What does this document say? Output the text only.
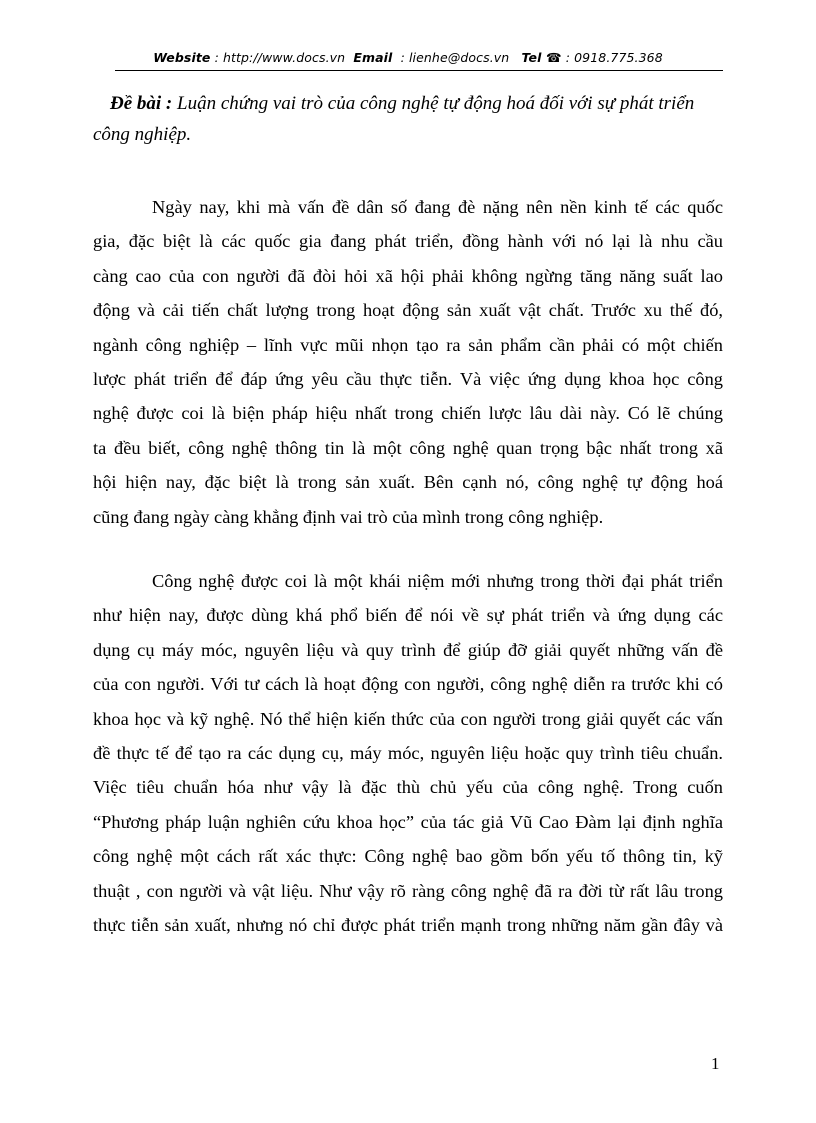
Website : http://www.docs.vn Email : lienhe@docs.vn Tel ☎ : 0918.775.368
Đề bài : Luận chứng vai trò của công nghệ tự động hoá đối với sự phát triển công nghiệp.
Ngày nay, khi mà vấn đề dân số đang đè nặng nên nền kinh tế các quốc
gia, đặc biệt là các quốc gia đang phát triển, đồng hành với nó lại là nhu cầu
càng cao của con người đã đòi hỏi xã hội phải không ngừng tăng năng suất lao
động và cải tiến chất lượng trong hoạt động sản xuất vật chất. Trước xu thế đó,
ngành công nghiệp – lĩnh vực mũi nhọn tạo ra sản phẩm cần phải có một chiến
lược phát triển để đáp ứng yêu cầu thực tiễn. Và việc ứng dụng khoa học công
nghệ được coi là biện pháp hiệu nhất trong chiến lược lâu dài này. Có lẽ chúng
ta đều biết, công nghệ thông tin là một công nghệ quan trọng bậc nhất trong xã
hội hiện nay, đặc biệt là trong sản xuất. Bên cạnh nó, công nghệ tự động hoá
cũng đang ngày càng khẳng định vai trò của mình trong công nghiệp.
Công nghệ được coi là một khái niệm mới nhưng trong thời đại phát triển
như hiện nay, được dùng khá phổ biến để nói về sự phát triển và ứng dụng các
dụng cụ máy móc, nguyên liệu và quy trình để giúp đỡ giải quyết những vấn đề
của con người. Với tư cách là hoạt động con người, công nghệ diễn ra trước khi có
khoa học và kỹ nghệ. Nó thể hiện kiến thức của con người trong giải quyết các vấn
đề thực tế để tạo ra các dụng cụ, máy móc, nguyên liệu hoặc quy trình tiêu chuẩn.
Việc tiêu chuẩn hóa như vậy là đặc thù chủ yếu của công nghệ. Trong cuốn
“Phương pháp luận nghiên cứu khoa học” của tác giả Vũ Cao Đàm lại định nghĩa
công nghệ một cách rất xác thực: Công nghệ bao gồm bốn yếu tố thông tin, kỹ
thuật , con người và vật liệu. Như vậy rõ ràng công nghệ đã ra đời từ rất lâu trong
thực tiễn sản xuất, nhưng nó chỉ được phát triển mạnh trong những năm gần đây và
1
